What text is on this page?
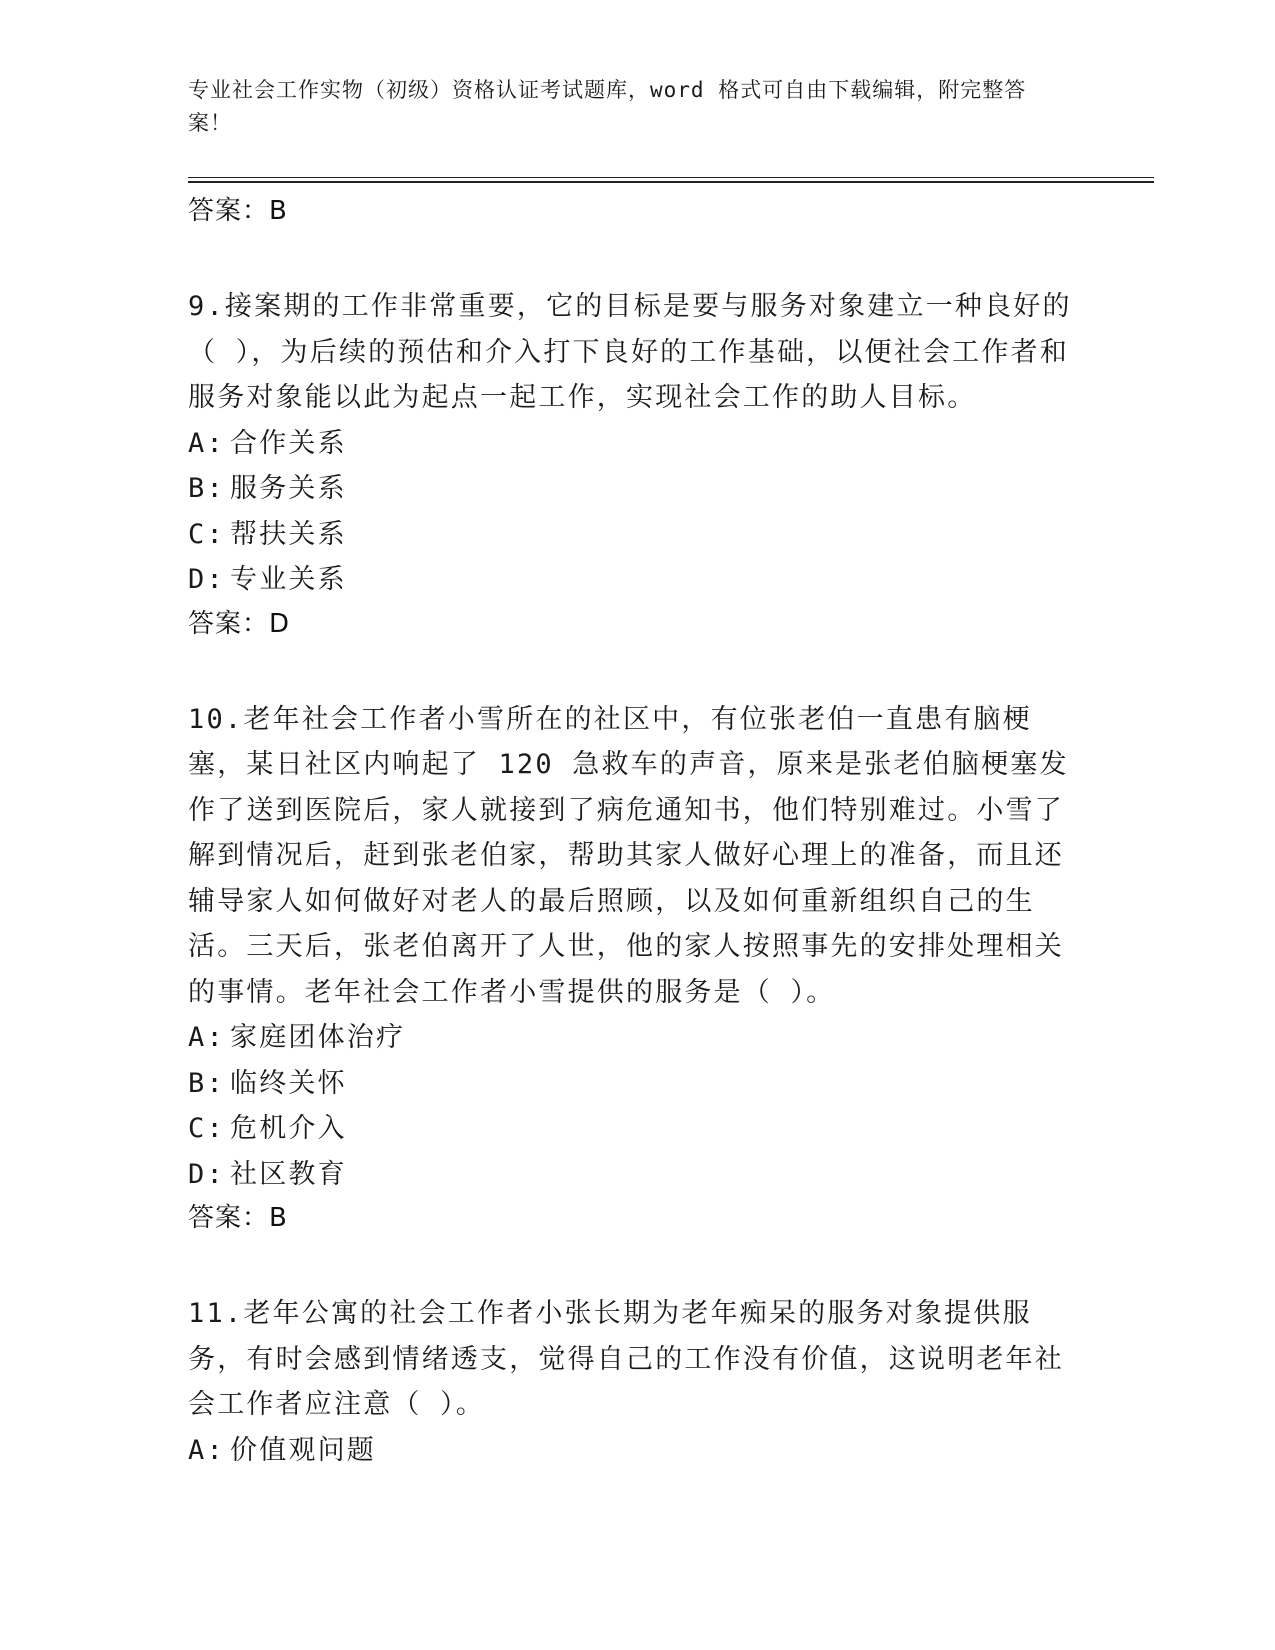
专业社会工作实物（初级）资格认证考试题库，word 格式可自由下载编辑，附完整答案！
答案：B
9.接案期的工作非常重要，它的目标是要与服务对象建立一种良好的（ ），为后续的预估和介入打下良好的工作基础，以便社会工作者和服务对象能以此为起点一起工作，实现社会工作的助人目标。
A: 合作关系
B: 服务关系
C: 帮扶关系
D: 专业关系
答案：D
10.老年社会工作者小雪所在的社区中，有位张老伯一直患有脑梗塞，某日社区内响起了 120 急救车的声音，原来是张老伯脑梗塞发作了送到医院后，家人就接到了病危通知书，他们特别难过。小雪了解到情况后，赶到张老伯家，帮助其家人做好心理上的准备，而且还辅导家人如何做好对老人的最后照顾，以及如何重新组织自己的生活。三天后，张老伯离开了人世，他的家人按照事先的安排处理相关的事情。老年社会工作者小雪提供的服务是（ ）。
A: 家庭团体治疗
B: 临终关怀
C: 危机介入
D: 社区教育
答案：B
11.老年公寓的社会工作者小张长期为老年痴呆的服务对象提供服务，有时会感到情绪透支，觉得自己的工作没有价值，这说明老年社会工作者应注意（ ）。
A: 价值观问题
